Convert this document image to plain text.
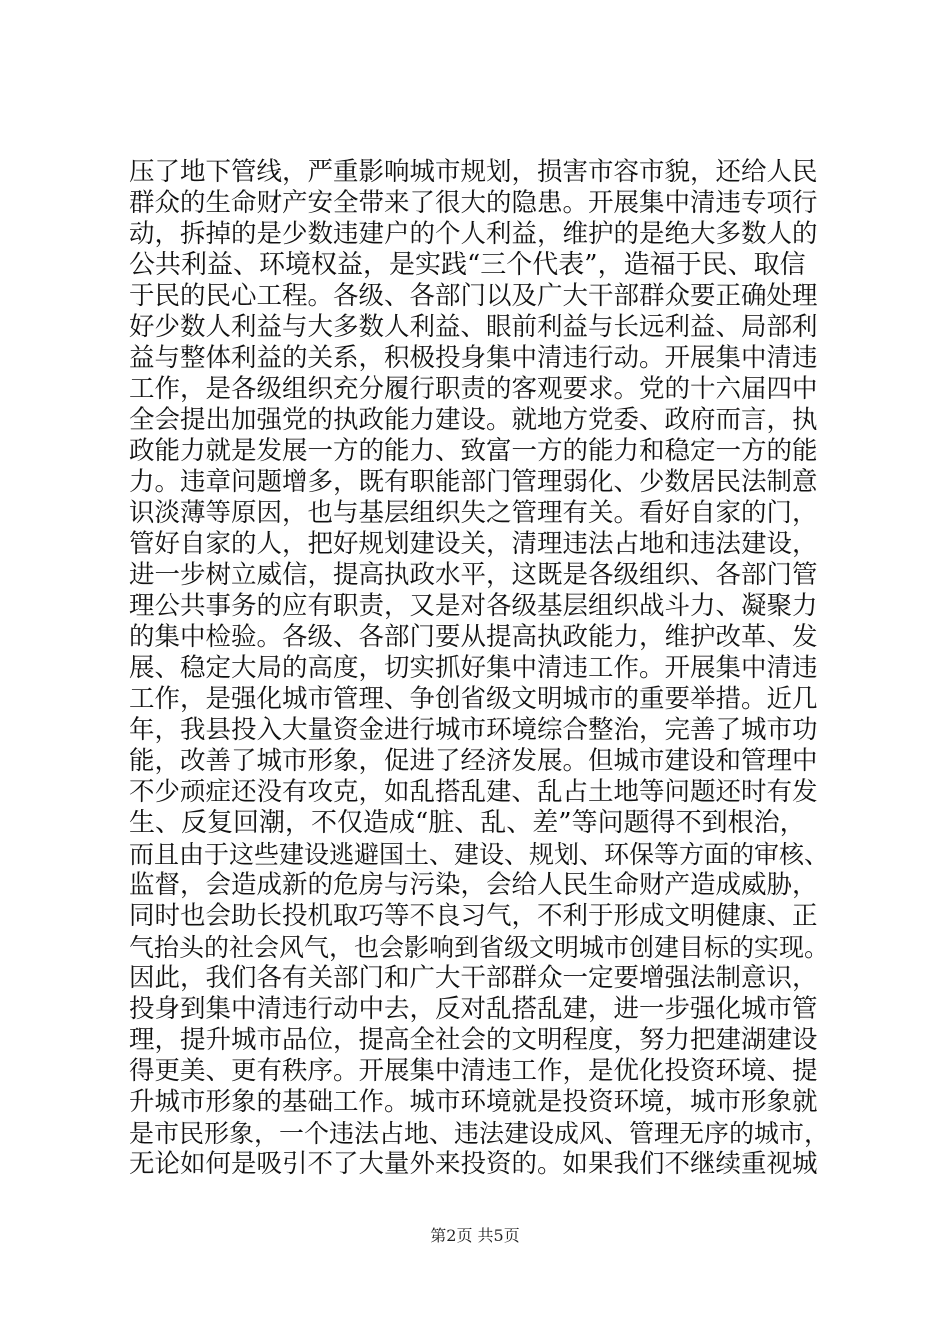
压了地下管线，严重影响城市规划，损害市容市貌，还给人民
群众的生命财产安全带来了很大的隐患。开展集中清违专项行
动，拆掉的是少数违建户的个人利益，维护的是绝大多数人的
公共利益、环境权益，是实践“三个代表”，造福于民、取信
于民的民心工程。各级、各部门以及广大干部群众要正确处理
好少数人利益与大多数人利益、眼前利益与长远利益、局部利
益与整体利益的关系，积极投身集中清违行动。开展集中清违
工作，是各级组织充分履行职责的客观要求。党的十六届四中
全会提出加强党的执政能力建设。就地方党委、政府而言，执
政能力就是发展一方的能力、致富一方的能力和稳定一方的能
力。违章问题增多，既有职能部门管理弱化、少数居民法制意
识淡薄等原因，也与基层组织失之管理有关。看好自家的门，
管好自家的人，把好规划建设关，清理违法占地和违法建设，
进一步树立威信，提高执政水平，这既是各级组织、各部门管
理公共事务的应有职责，又是对各级基层组织战斗力、凝聚力
的集中检验。各级、各部门要从提高执政能力，维护改革、发
展、稳定大局的高度，切实抓好集中清违工作。开展集中清违
工作，是强化城市管理、争创省级文明城市的重要举措。近几
年，我县投入大量资金进行城市环境综合整治，完善了城市功
能，改善了城市形象，促进了经济发展。但城市建设和管理中
不少顽症还没有攻克，如乱搭乱建、乱占土地等问题还时有发
生、反复回潮，不仅造成“脏、乱、差”等问题得不到根治，
而且由于这些建设逃避国土、建设、规划、环保等方面的审核、
监督，会造成新的危房与污染，会给人民生命财产造成威胁，
同时也会助长投机取巧等不良习气，不利于形成文明健康、正
气抬头的社会风气，也会影响到省级文明城市创建目标的实现。
因此，我们各有关部门和广大干部群众一定要增强法制意识，
投身到集中清违行动中去，反对乱搭乱建，进一步强化城市管
理，提升城市品位，提高全社会的文明程度，努力把建湖建设
得更美、更有秩序。开展集中清违工作，是优化投资环境、提
升城市形象的基础工作。城市环境就是投资环境，城市形象就
是市民形象，一个违法占地、违法建设成风、管理无序的城市，
无论如何是吸引不了大量外来投资的。如果我们不继续重视城
第2页 共5页
